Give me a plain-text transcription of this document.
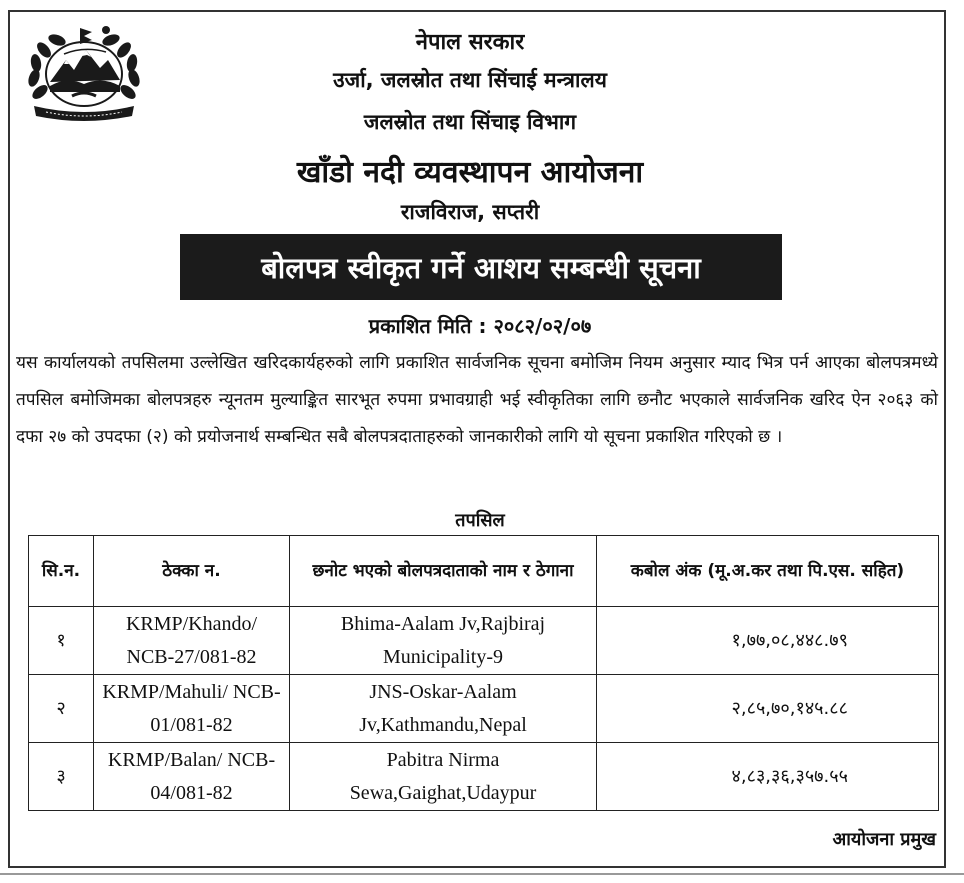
नेपाल सरकार
उर्जा, जलस्रोत तथा सिंचाई मन्त्रालय
जलस्रोत तथा सिंचाइ विभाग
खाँडो नदी व्यवस्थापन आयोजना
राजविराज, सप्तरी
बोलपत्र स्वीकृत गर्ने आशय सम्बन्धी सूचना
प्रकाशित मिति : २०८२/०२/०७
यस कार्यालयको तपसिलमा उल्लेखित खरिदकार्यहरुको लागि प्रकाशित सार्वजनिक सूचना बमोजिम नियम अनुसार म्याद भित्र पर्न आएका बोलपत्रमध्ये तपसिल बमोजिमका बोलपत्रहरु न्यूनतम मुल्याङ्कित सारभूत रुपमा प्रभावग्राही भई स्वीकृतिका लागि छनौट भएकाले सार्वजनिक खरिद ऐन २०६३ को दफा २७ को उपदफा (२) को प्रयोजनार्थ सम्बन्धित सबै बोलपत्रदाताहरुको जानकारीको लागि यो सूचना प्रकाशित गरिएको छ ।
तपसिल
सि.न.	ठेक्का न.	छनोट भएको बोलपत्रदाताको नाम र ठेगाना	कबोल अंक (मू.अ.कर तथा पि.एस. सहित)
१	KRMP/Khando/ NCB-27/081-82	Bhima-Aalam Jv,Rajbiraj Municipality-9	१,७७,०८,४४८.७९
२	KRMP/Mahuli/ NCB-01/081-82	JNS-Oskar-Aalam Jv,Kathmandu,Nepal	२,८५,७०,१४५.८८
३	KRMP/Balan/ NCB-04/081-82	Pabitra Nirma Sewa,Gaighat,Udaypur	४,८३,३६,३५७.५५
आयोजना प्रमुख
